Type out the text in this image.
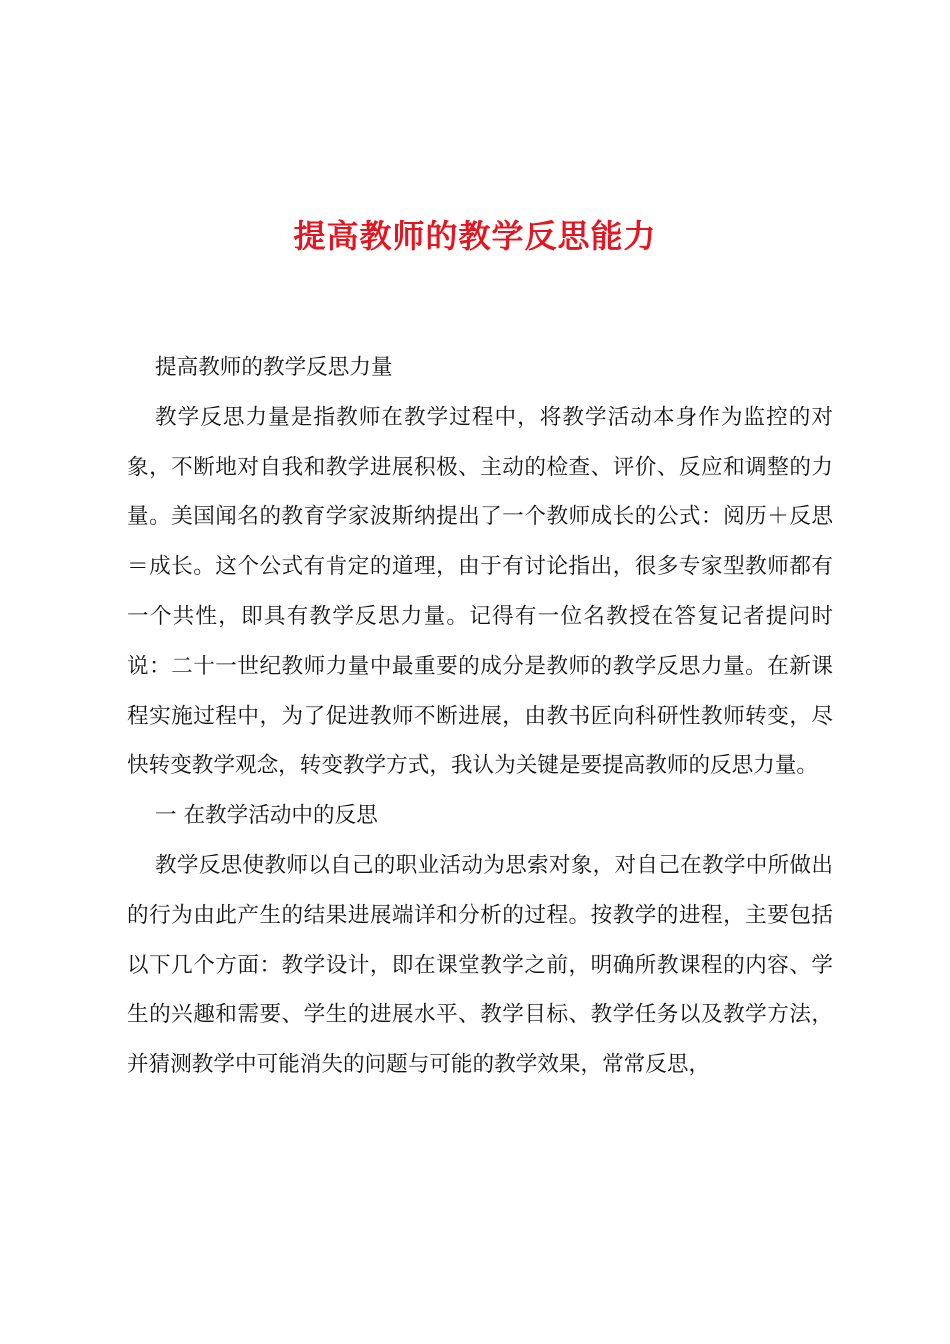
提高教师的教学反思能力

提高教师的教学反思力量

教学反思力量是指教师在教学过程中，将教学活动本身作为监控的对象，不断地对自我和教学进展积极、主动的检查、评价、反应和调整的力量。美国闻名的教育学家波斯纳提出了一个教师成长的公式：阅历＋反思＝成长。这个公式有肯定的道理，由于有讨论指出，很多专家型教师都有一个共性，即具有教学反思力量。记得有一位名教授在答复记者提问时说：二十一世纪教师力量中最重要的成分是教师的教学反思力量。在新课程实施过程中，为了促进教师不断进展，由教书匠向科研性教师转变，尽快转变教学观念，转变教学方式，我认为关键是要提高教师的反思力量。

一 在教学活动中的反思

教学反思使教师以自己的职业活动为思索对象，对自己在教学中所做出的行为由此产生的结果进展端详和分析的过程。按教学的进程，主要包括以下几个方面：教学设计，即在课堂教学之前，明确所教课程的内容、学生的兴趣和需要、学生的进展水平、教学目标、教学任务以及教学方法，并猜测教学中可能消失的问题与可能的教学效果，常常反思，
